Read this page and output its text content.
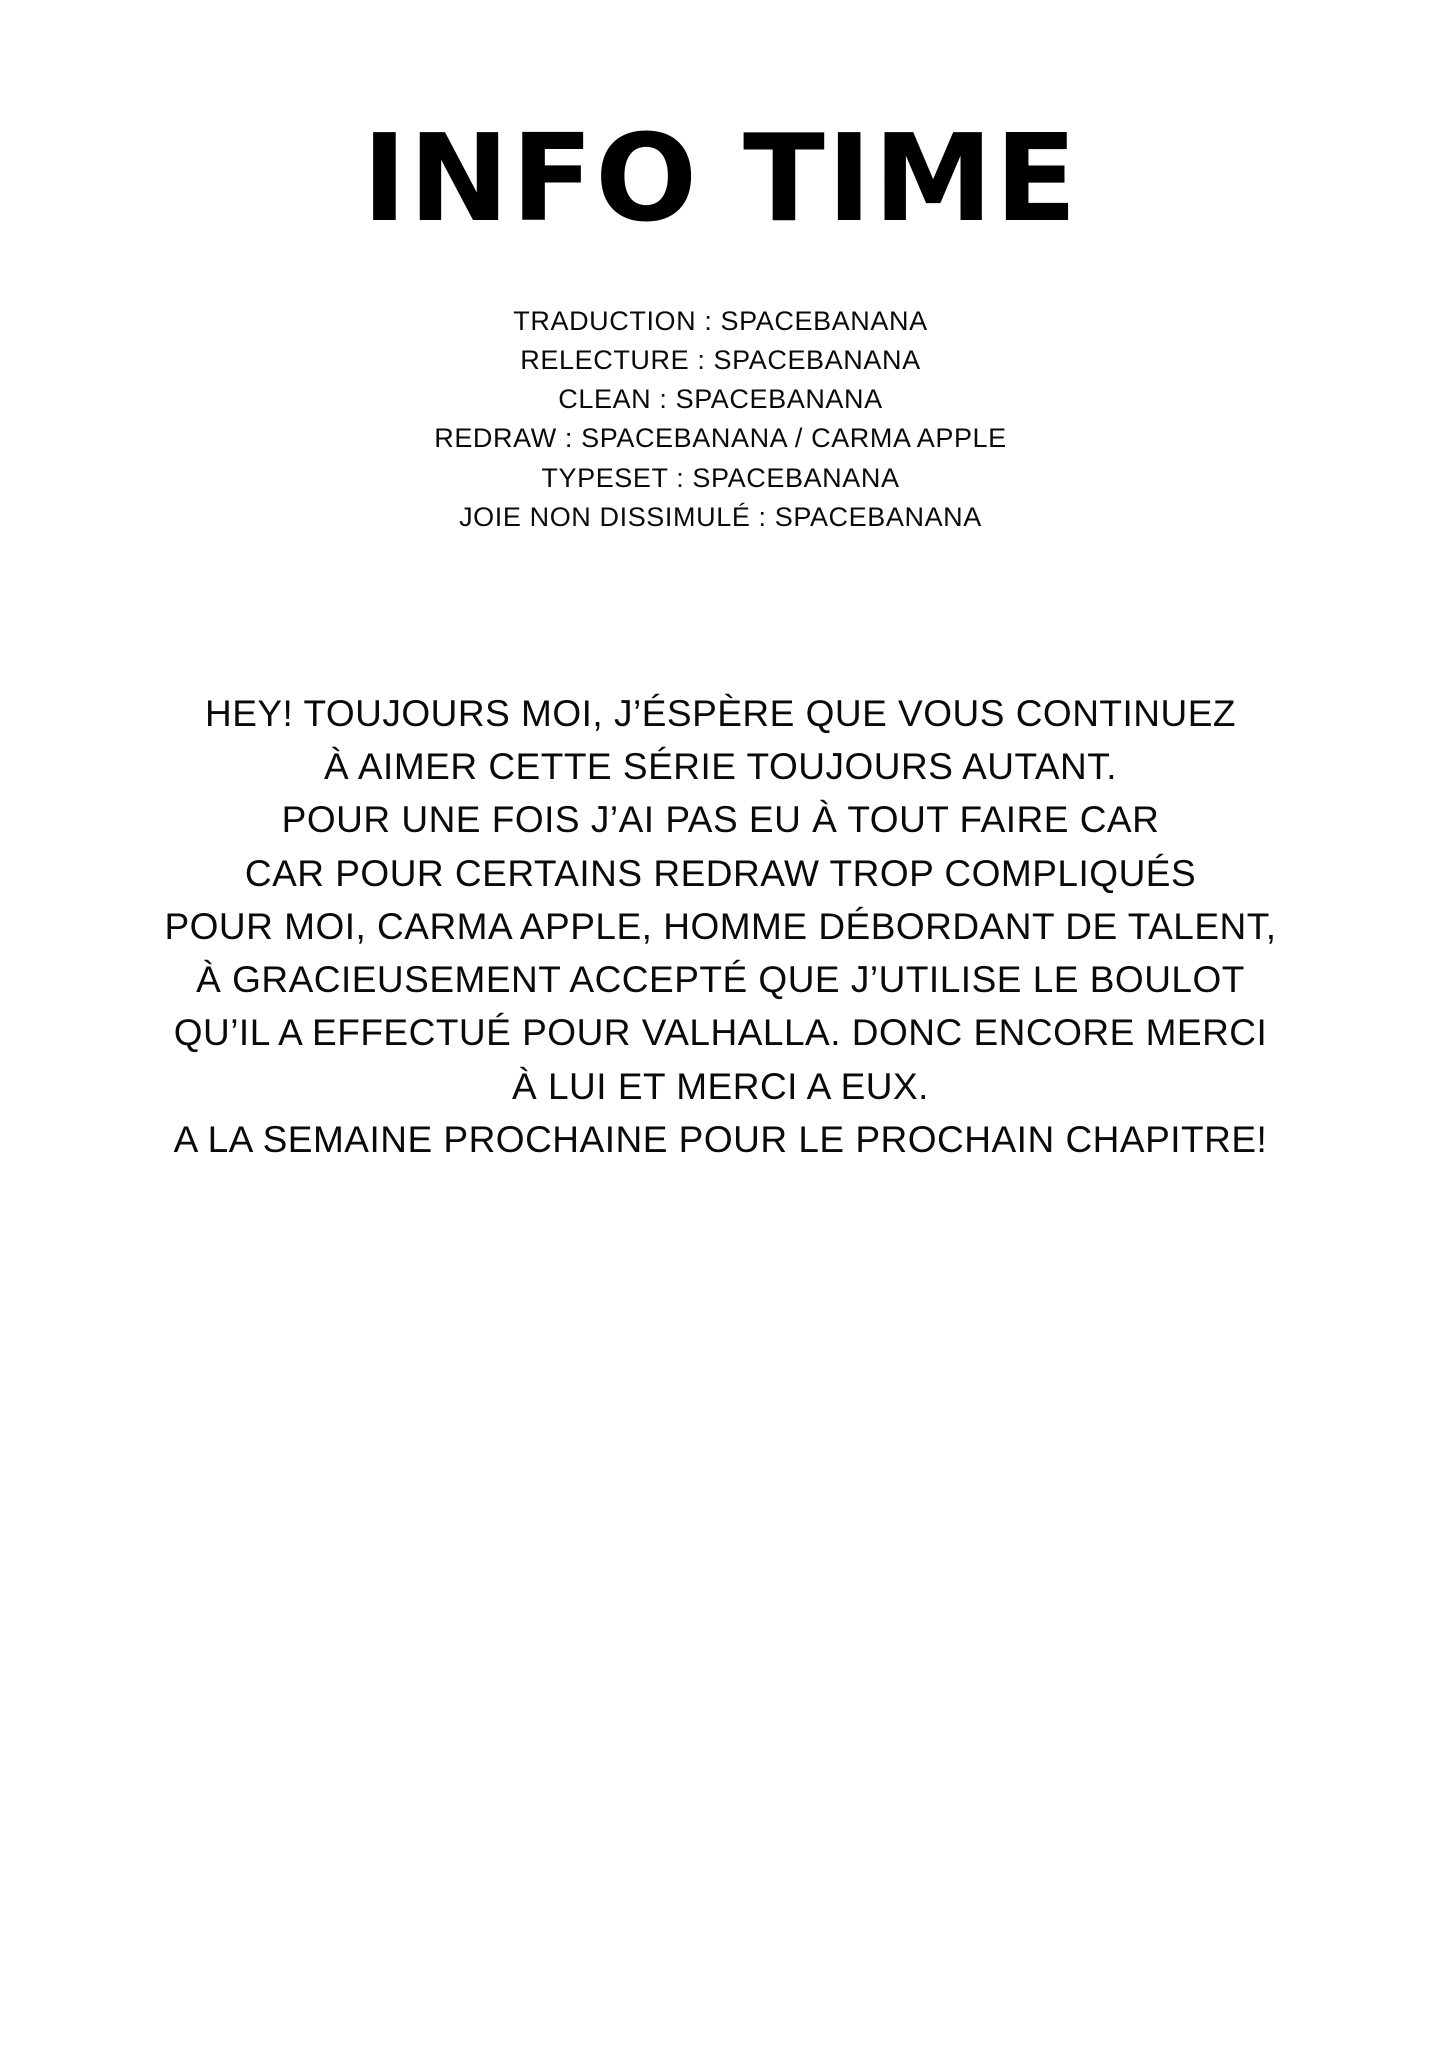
INFO TIME
TRADUCTION : SPACEBANANA
RELECTURE : SPACEBANANA
CLEAN : SPACEBANANA
REDRAW : SPACEBANANA / CARMA APPLE
TYPESET : SPACEBANANA
JOIE NON DISSIMULÉ : SPACEBANANA
HEY! TOUJOURS MOI, J’ÉSPÈRE QUE VOUS CONTINUEZ
À AIMER CETTE SÉRIE TOUJOURS AUTANT.
POUR UNE FOIS J’AI PAS EU À TOUT FAIRE CAR
CAR POUR CERTAINS REDRAW TROP COMPLIQUÉS
POUR MOI, CARMA APPLE, HOMME DÉBORDANT DE TALENT,
À GRACIEUSEMENT ACCEPTÉ QUE J’UTILISE LE BOULOT
QU’IL A EFFECTUÉ POUR VALHALLA. DONC ENCORE MERCI
À LUI ET MERCI A EUX.
A LA SEMAINE PROCHAINE POUR LE PROCHAIN CHAPITRE!
